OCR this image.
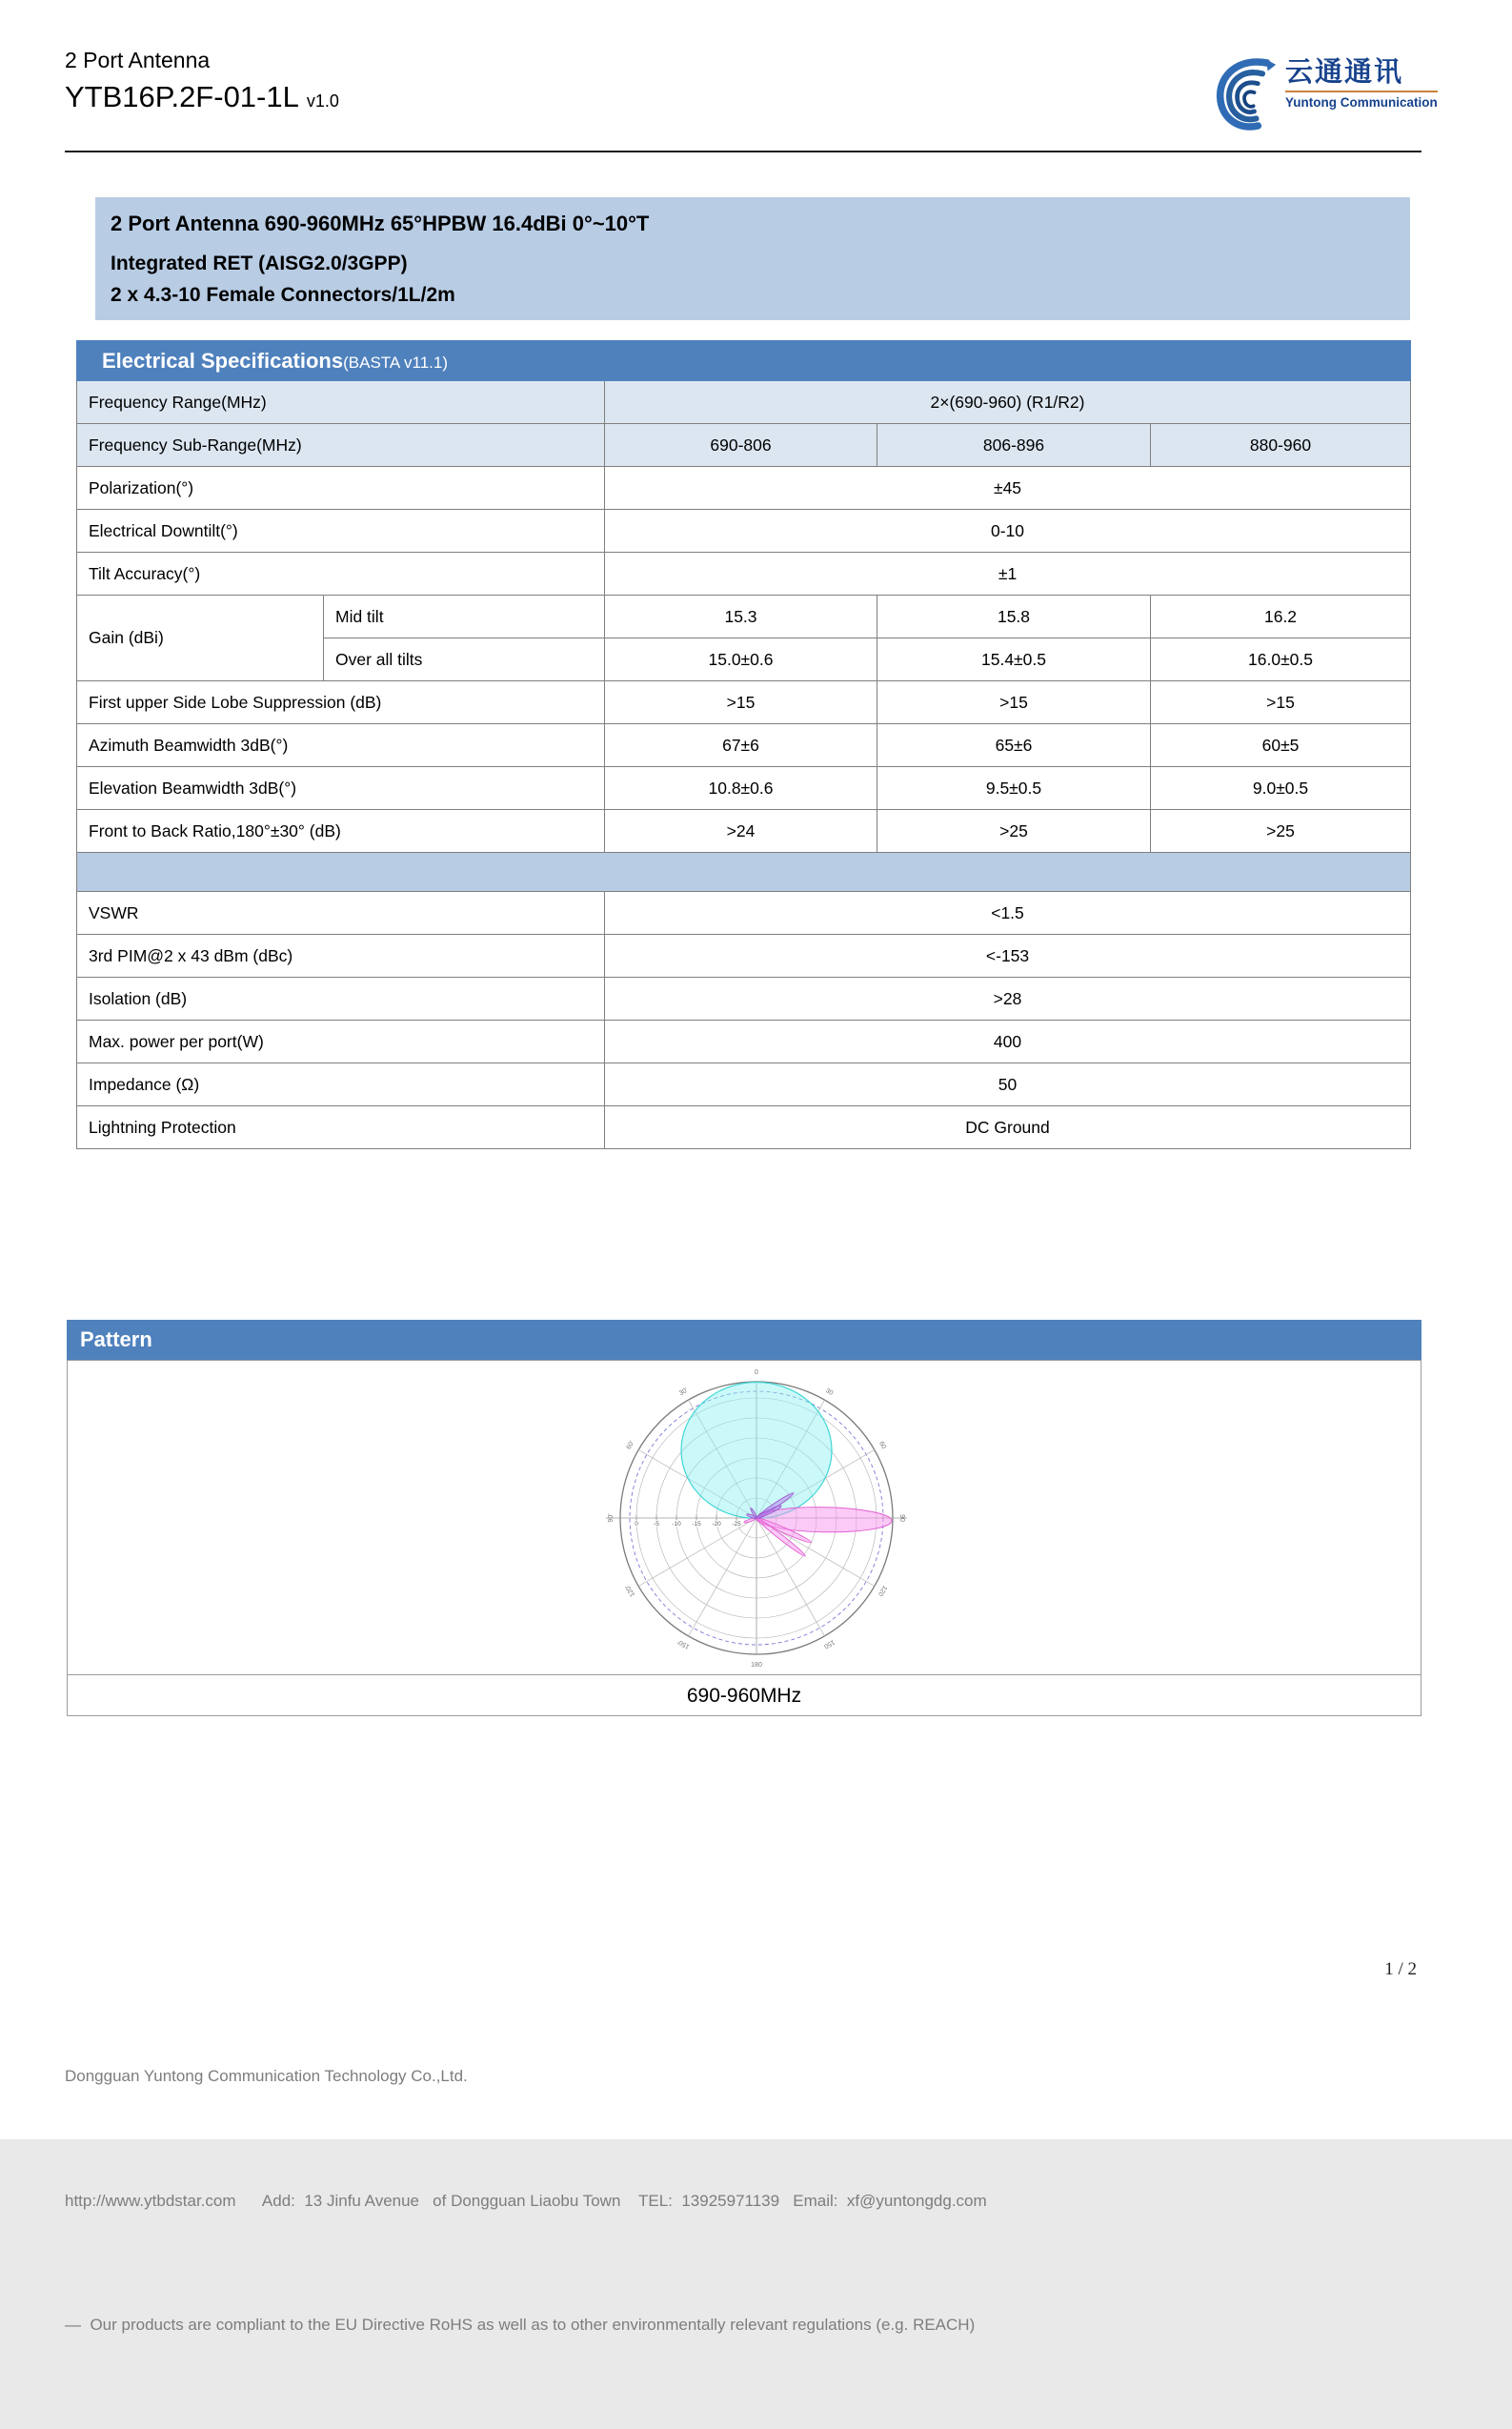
2 Port Antenna
YTB16P.2F-01-1L v1.0
云通通讯
Yuntong Communication
2 Port Antenna 690-960MHz 65°HPBW 16.4dBi 0°~10°T
Integrated RET (AISG2.0/3GPP)
2 x 4.3-10 Female Connectors/1L/2m
Electrical Specifications(BASTA v11.1)				
Frequency Range(MHz)		2×(690-960) (R1/R2)		
Frequency Sub-Range(MHz)		690-806	806-896	880-960
Polarization(°)		±45		
Electrical Downtilt(°)		0-10		
Tilt Accuracy(°)		±1		
Gain (dBi)	Mid tilt	15.3	15.8	16.2
	Over all tilts	15.0±0.6	15.4±0.5	16.0±0.5
First upper Side Lobe Suppression (dB)		>15	>15	>15
Azimuth Beamwidth 3dB(°)		67±6	65±6	60±5
Elevation Beamwidth 3dB(°)		10.8±0.6	9.5±0.5	9.0±0.5
Front to Back Ratio,180°±30° (dB)		>24	>25	>25

VSWR		<1.5		
3rd PIM@2 x 43 dBm (dBc)		<-153		
Isolation (dB)		>28		
Max. power per port(W)		400		
Impedance (Ω)		50		
Lightning Protection		DC Ground		
Pattern
0
30
60
90
120
150
180
150'
120'
90'
60'
30'
0	-5 -10 -15 -20 -25
690-960MHz

Dongguan Yuntong Communication Technology Co.,Ltd.

http://www.ytbdstar.com      Add:  13 Jinfu Avenue   of Dongguan Liaobu Town    TEL:  13925971139   Email:  xf@yuntongdg.com

—  Our products are compliant to the EU Directive RoHS as well as to other environmentally relevant regulations (e.g. REACH)

1 / 2
